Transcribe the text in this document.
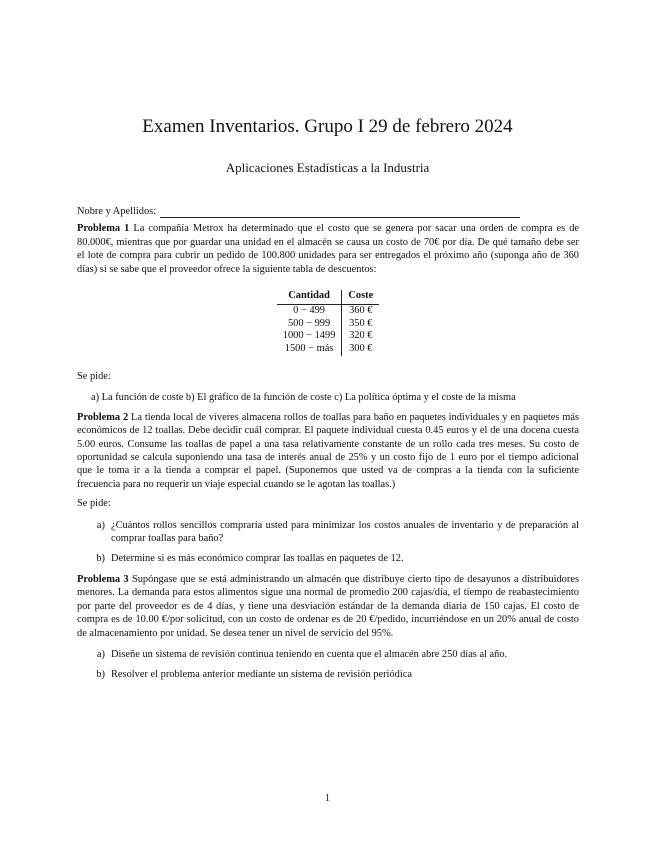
Examen Inventarios. Grupo I 29 de febrero 2024
Aplicaciones Estadísticas a la Industria
Nobre y Apellidos:

Problema 1 La compañía Metrox ha determinado que el costo que se genera por sacar una orden de compra es de 80.000€, mientras que por guardar una unidad en el almacén se causa un costo de 70€ por día. De qué tamaño debe ser el lote de compra para cubrir un pedido de 100.800 unidades para ser entregados el próximo año (suponga año de 360 días) si se sabe que el proveedor ofrece la siguiente tabla de descuentos:

Cantidad	Coste
0 − 499	360 €
500 − 999	350 €
1000 − 1499	320 €
1500 − más	300 €

Se pide:

a) La función de coste b) El gráfico de la función de coste c) La política óptima y el coste de la misma

Problema 2 La tienda local de víveres almacena rollos de toallas para baño en paquetes individuales y en paquetes más económicos de 12 toallas. Debe decidir cuál comprar. El paquete individual cuesta 0.45 euros y el de una docena cuesta 5.00 euros. Consume las toallas de papel a una tasa relativamente constante de un rollo cada tres meses. Su costo de oportunidad se calcula suponiendo una tasa de interés anual de 25% y un costo fijo de 1 euro por el tiempo adicional que le toma ir a la tienda a comprar el papel. (Suponemos que usted va de compras a la tienda con la suficiente frecuencia para no requerir un viaje especial cuando se le agotan las toallas.)

Se pide:

a) ¿Cuántos rollos sencillos compraría usted para minimizar los costos anuales de inventario y de preparación al comprar toallas para baño?
b) Determine si es más económico comprar las toallas en paquetes de 12.

Problema 3 Supóngase que se está administrando un almacén que distribuye cierto tipo de desayunos a distribuidores menores. La demanda para estos alimentos sigue una normal de promedio 200 cajas/día, el tiempo de reabastecimiento por parte del proveedor es de 4 días, y tiene una desviación estándar de la demanda diaria de 150 cajas. El costo de compra es de 10.00 €/por solicitud, con un costo de ordenar es de 20 €/pedido, incurriéndose en un 20% anual de costo de almacenamiento por unidad. Se desea tener un nivel de servicio del 95%.

a) Diseñe un sistema de revisión continua teniendo en cuenta que el almacén abre 250 días al año.
b) Resolver el problema anterior mediante un sistema de revisión periódica
1
